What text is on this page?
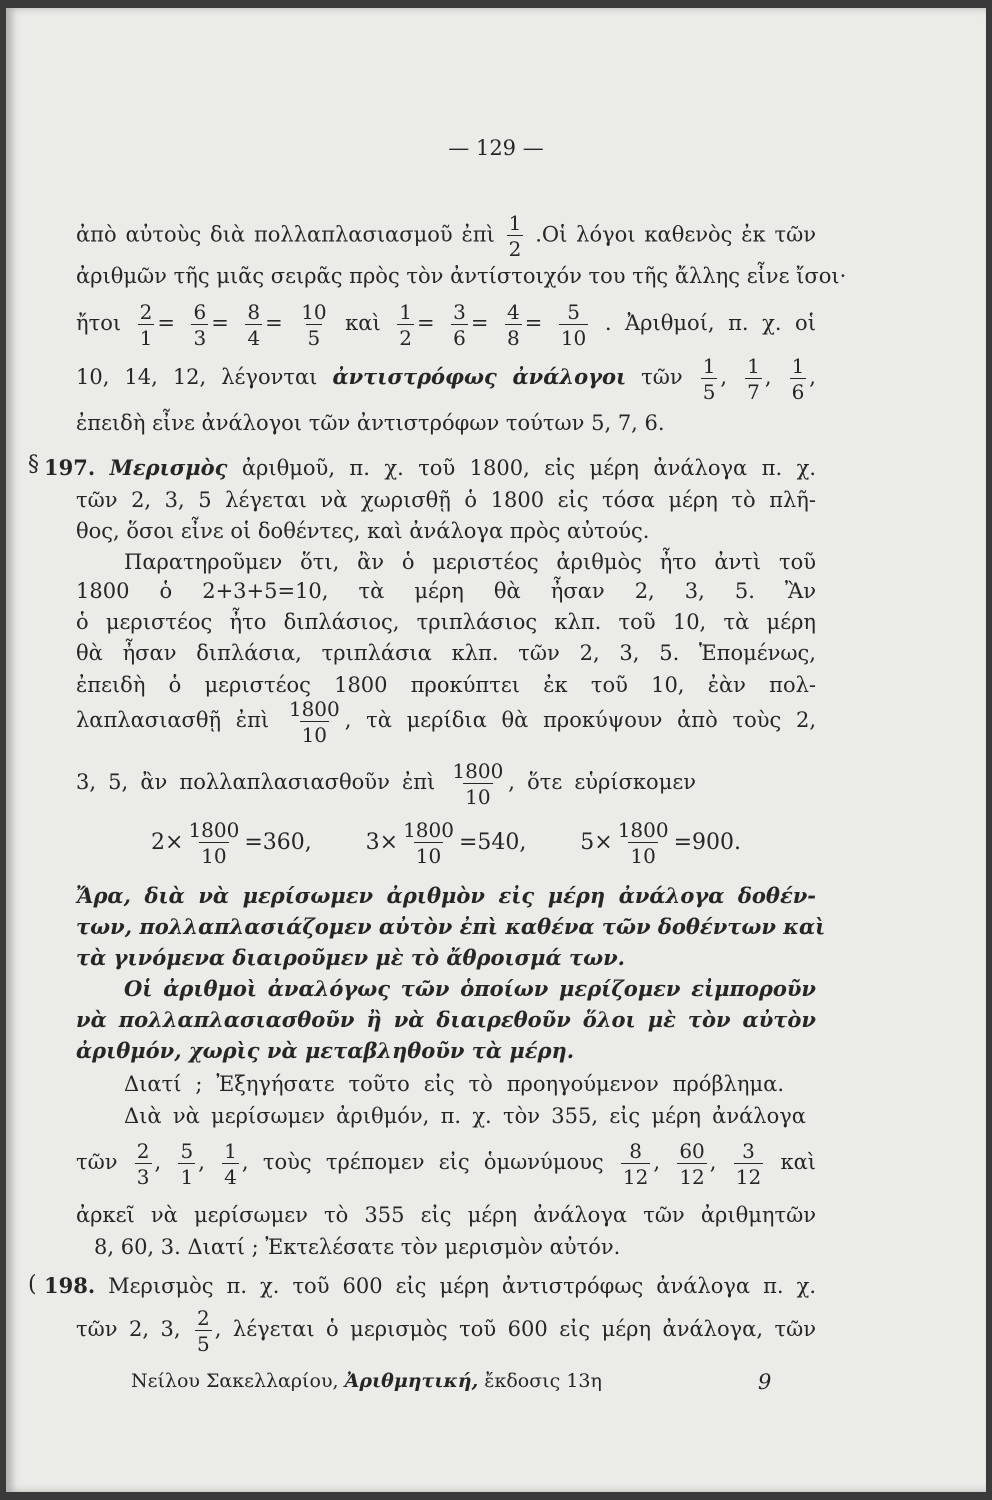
— 129 —
ἀπὸ αὐτοὺς διὰ πολλαπλασιασμοῦ ἐπὶ $\frac{1}{2}$ .Οἱ λόγοι καθενὸς ἐκ τῶν
ἀριθμῶν τῆς μιᾶς σειρᾶς πρὸς τὸν ἀντίστοιχόν του τῆς ἄλλης εἶνε ἴσοι·
ἤτοι $\frac{2}{1} = \frac{6}{3} = \frac{8}{4} = \frac{10}{5}$ καὶ $\frac{1}{2} = \frac{3}{6} = \frac{4}{8} = \frac{5}{10}$ . Ἀριθμοί, π. χ. οἱ
10, 14, 12, λέγονται ἀντιστρόφως ἀνάλογοι τῶν $\frac{1}{5}$ , $\frac{1}{7}$ , $\frac{1}{6}$ ,
ἐπειδὴ εἶνε ἀνάλογοι τῶν ἀντιστρόφων τούτων 5, 7, 6.
§ 197. Μερισμὸς ἀριθμοῦ, π. χ. τοῦ 1800, εἰς μέρη ἀνάλογα π. χ.
τῶν 2, 3, 5 λέγεται νὰ χωρισθῇ ὁ 1800 εἰς τόσα μέρη τὸ πλῆ-
θος, ὅσοι εἶνε οἱ δοθέντες, καὶ ἀνάλογα πρὸς αὐτούς.
Παρατηροῦμεν ὅτι, ἂν ὁ μεριστέος ἀριθμὸς ἦτο ἀντὶ τοῦ
1800 ὁ 2+3+5=10, τὰ μέρη θὰ ἦσαν 2, 3, 5. Ἂν
ὁ μεριστέος ἦτο διπλάσιος, τριπλάσιος κλπ. τοῦ 10, τὰ μέρη
θὰ ἦσαν διπλάσια, τριπλάσια κλπ. τῶν 2, 3, 5. Ἑπομένως,
ἐπειδὴ ὁ μεριστέος 1800 προκύπτει ἐκ τοῦ 10, ἐὰν πολ-
λαπλασιασθῇ ἐπὶ $\frac{1800}{10}$ , τὰ μερίδια θὰ προκύψουν ἀπὸ τοὺς 2,
3, 5, ἂν πολλαπλασιασθοῦν ἐπὶ $\frac{1800}{10}$ , ὅτε εὑρίσκομεν
$2\times \frac{1800}{10} =360$, $3\times \frac{1800}{10} =540$, $5\times \frac{1800}{10} =900$.
Ἄρα, διὰ νὰ μερίσωμεν ἀριθμὸν εἰς μέρη ἀνάλογα δοθέν-
των, πολλαπλασιάζομεν αὐτὸν ἐπὶ καθένα τῶν δοθέντων καὶ
τὰ γινόμενα διαιροῦμεν μὲ τὸ ἄθροισμά των.
Οἱ ἀριθμοὶ ἀναλόγως τῶν ὁποίων μερίζομεν εἰμποροῦν
νὰ πολλαπλασιασθοῦν ἢ νὰ διαιρεθοῦν ὅλοι μὲ τὸν αὐτὸν
ἀριθμόν, χωρὶς νὰ μεταβληθοῦν τὰ μέρη.
Διατί ; Ἐξηγήσατε τοῦτο εἰς τὸ προηγούμενον πρόβλημα.
Διὰ νὰ μερίσωμεν ἀριθμόν, π. χ. τὸν 355, εἰς μέρη ἀνάλογα
τῶν $\frac{2}{3}$ , $\frac{5}{1}$ , $\frac{1}{4}$ , τοὺς τρέπομεν εἰς ὁμωνύμους $\frac{8}{12}$ , $\frac{60}{12}$ , $\frac{3}{12}$ καὶ
ἀρκεῖ νὰ μερίσωμεν τὸ 355 εἰς μέρη ἀνάλογα τῶν ἀριθμητῶν
8, 60, 3. Διατί ; Ἐκτελέσατε τὸν μερισμὸν αὐτόν.
( 198. Μερισμὸς π. χ. τοῦ 600 εἰς μέρη ἀντιστρόφως ἀνάλογα π. χ.
τῶν 2, 3, $\frac{2}{5}$ , λέγεται ὁ μερισμὸς τοῦ 600 εἰς μέρη ἀνάλογα, τῶν
Νείλου Σακελλαρίου, Ἀριθμητική, ἔκδοσις 13η	9
